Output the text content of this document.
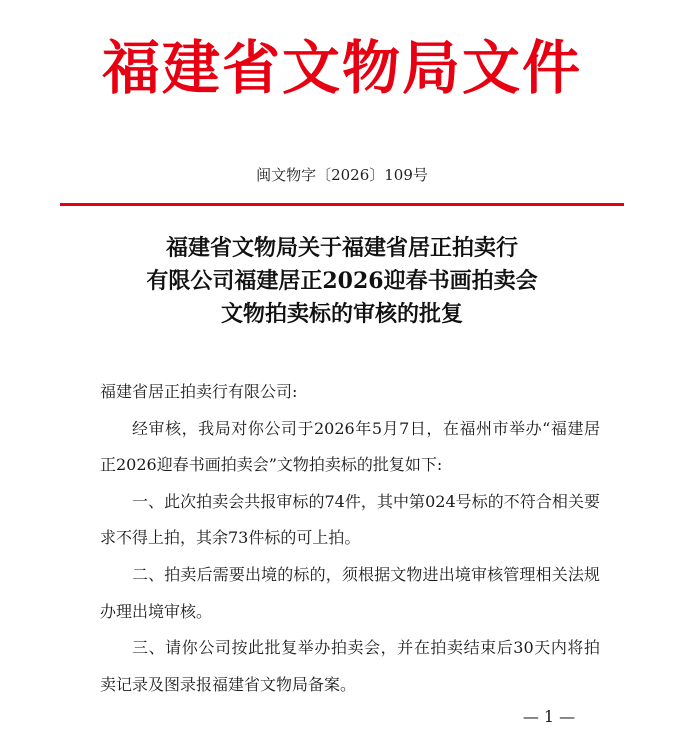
福建省文物局文件
闽文物字〔2026〕109号
福建省文物局关于福建省居正拍卖行
有限公司福建居正2026迎春书画拍卖会
文物拍卖标的审核的批复

福建省居正拍卖行有限公司:

经审核，我局对你公司于2026年5月7日，在福州市举办“福建居正2026迎春书画拍卖会”文物拍卖标的批复如下:

一、此次拍卖会共报审标的74件，其中第024号标的不符合相关要求不得上拍，其余73件标的可上拍。

二、拍卖后需要出境的标的，须根据文物进出境审核管理相关法规办理出境审核。

三、请你公司按此批复举办拍卖会，并在拍卖结束后30天内将拍卖记录及图录报福建省文物局备案。

— 1 —
